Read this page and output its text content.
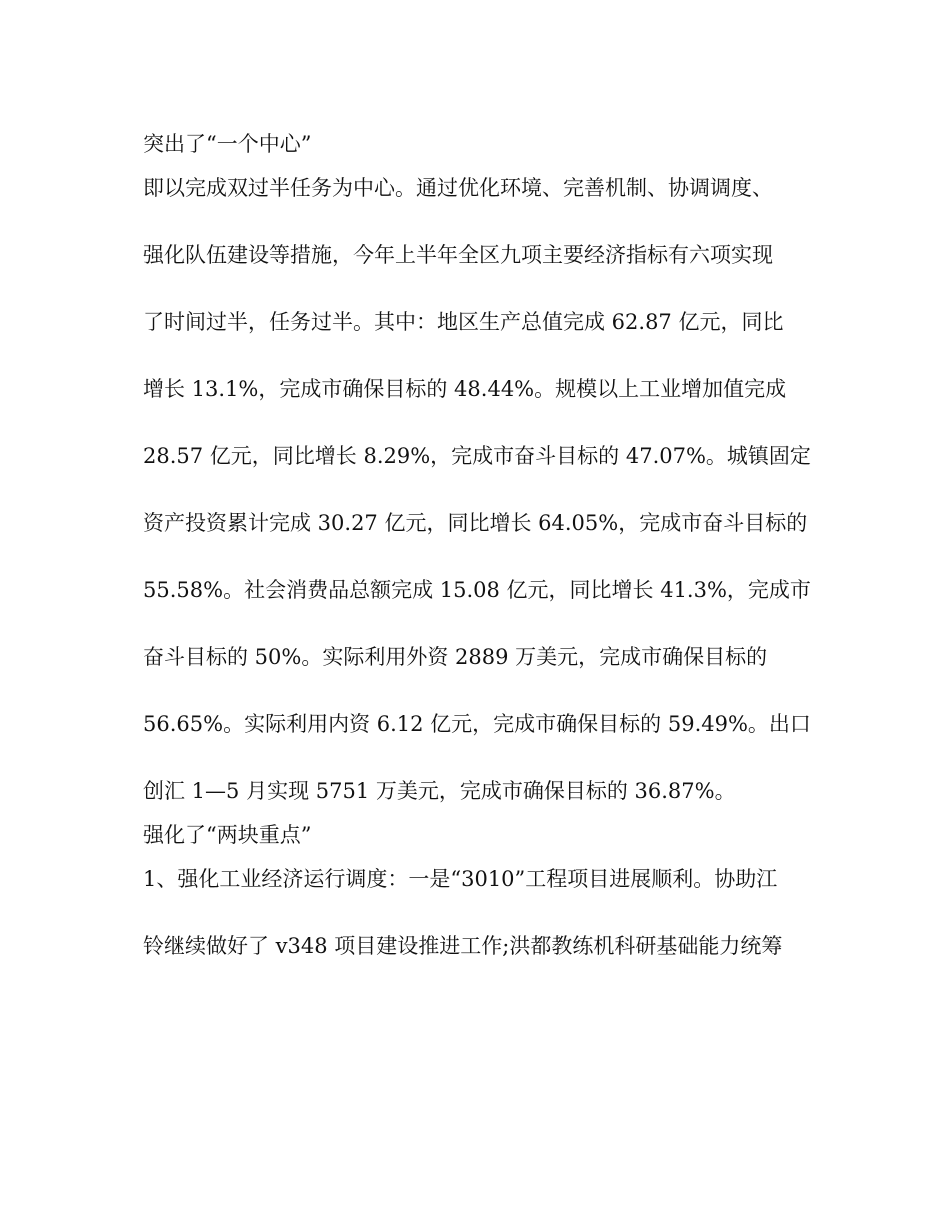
突出了“一个中心”

即以完成双过半任务为中心。通过优化环境、完善机制、协调调度、

强化队伍建设等措施，今年上半年全区九项主要经济指标有六项实现

了时间过半，任务过半。其中：地区生产总值完成 62.87 亿元，同比

增长 13.1%，完成市确保目标的 48.44%。规模以上工业增加值完成

28.57 亿元，同比增长 8.29%，完成市奋斗目标的 47.07%。城镇固定

资产投资累计完成 30.27 亿元，同比增长 64.05%，完成市奋斗目标的

55.58%。社会消费品总额完成 15.08 亿元，同比增长 41.3%，完成市

奋斗目标的 50%。实际利用外资 2889 万美元，完成市确保目标的

56.65%。实际利用内资 6.12 亿元，完成市确保目标的 59.49%。出口

创汇 1—5 月实现 5751 万美元，完成市确保目标的 36.87%。

强化了“两块重点”

1、强化工业经济运行调度：一是“3010”工程项目进展顺利。协助江

铃继续做好了 v348 项目建设推进工作;洪都教练机科研基础能力统筹
